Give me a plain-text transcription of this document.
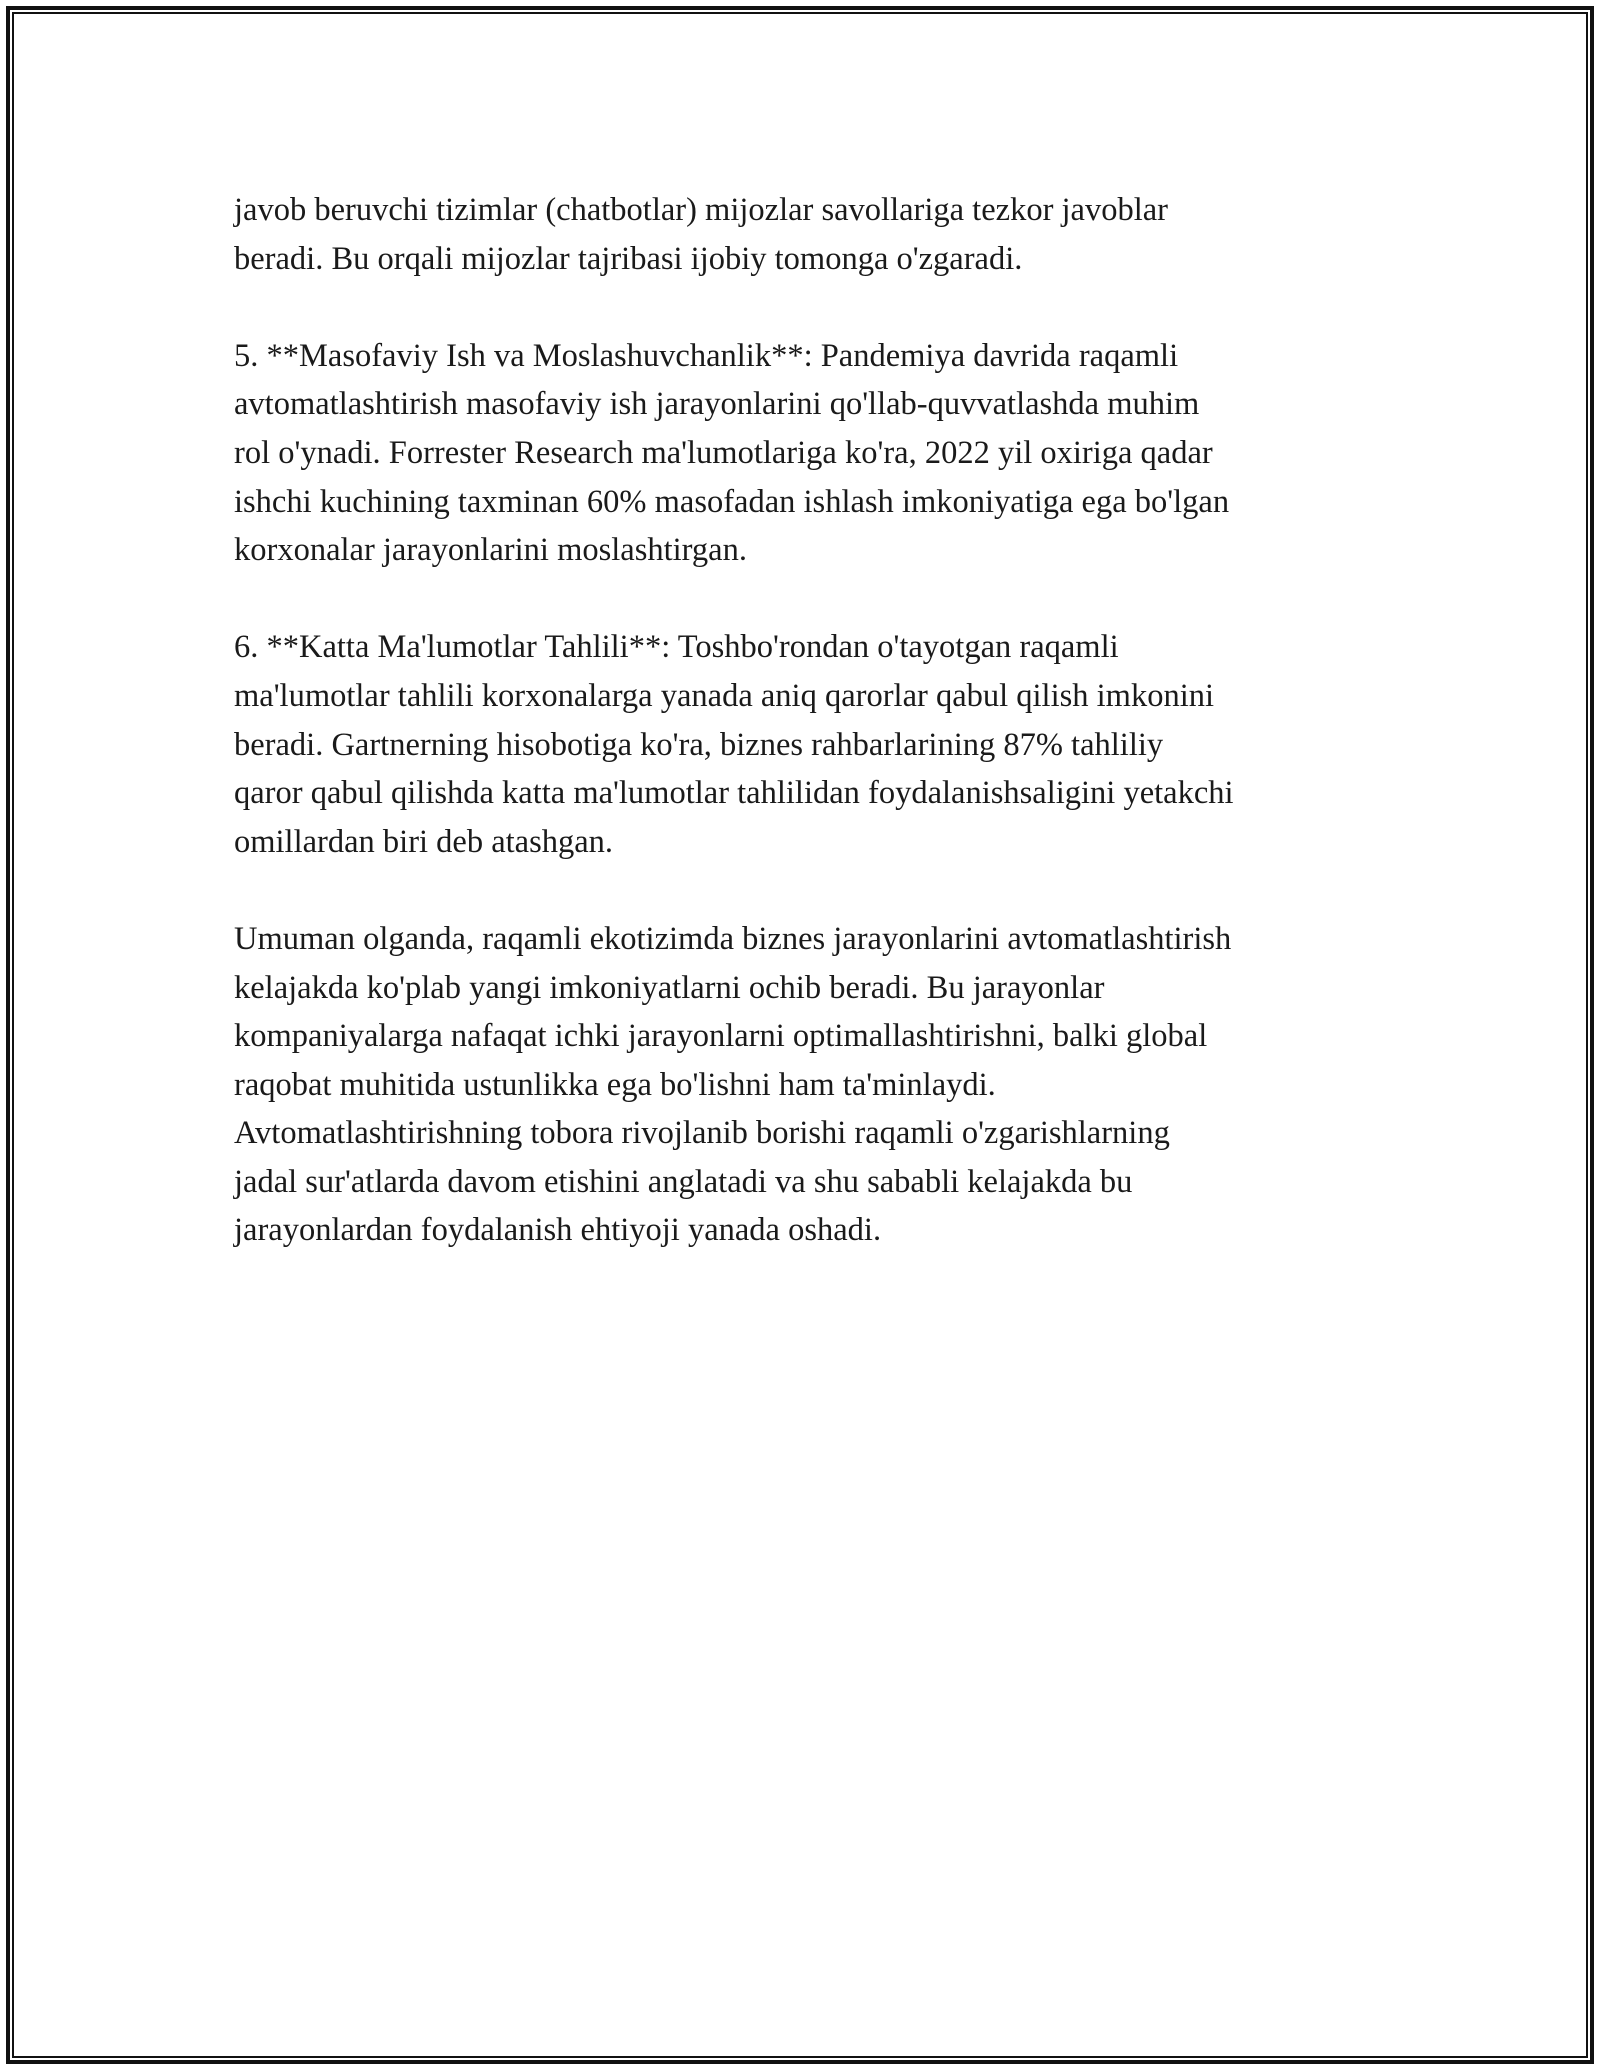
javob beruvchi tizimlar (chatbotlar) mijozlar savollariga tezkor javoblar
beradi. Bu orqali mijozlar tajribasi ijobiy tomonga o'zgaradi.

5. **Masofaviy Ish va Moslashuvchanlik**: Pandemiya davrida raqamli
avtomatlashtirish masofaviy ish jarayonlarini qo'llab-quvvatlashda muhim
rol o'ynadi. Forrester Research ma'lumotlariga ko'ra, 2022 yil oxiriga qadar
ishchi kuchining taxminan 60% masofadan ishlash imkoniyatiga ega bo'lgan
korxonalar jarayonlarini moslashtirgan.

6. **Katta Ma'lumotlar Tahlili**: Toshbo'rondan o'tayotgan raqamli
ma'lumotlar tahlili korxonalarga yanada aniq qarorlar qabul qilish imkonini
beradi. Gartnerning hisobotiga ko'ra, biznes rahbarlarining 87% tahliliy
qaror qabul qilishda katta ma'lumotlar tahlilidan foydalanishsaligini yetakchi
omillardan biri deb atashgan.

Umuman olganda, raqamli ekotizimda biznes jarayonlarini avtomatlashtirish
kelajakda ko'plab yangi imkoniyatlarni ochib beradi. Bu jarayonlar
kompaniyalarga nafaqat ichki jarayonlarni optimallashtirishni, balki global
raqobat muhitida ustunlikka ega bo'lishni ham ta'minlaydi.
Avtomatlashtirishning tobora rivojlanib borishi raqamli o'zgarishlarning
jadal sur'atlarda davom etishini anglatadi va shu sababli kelajakda bu
jarayonlardan foydalanish ehtiyoji yanada oshadi.
